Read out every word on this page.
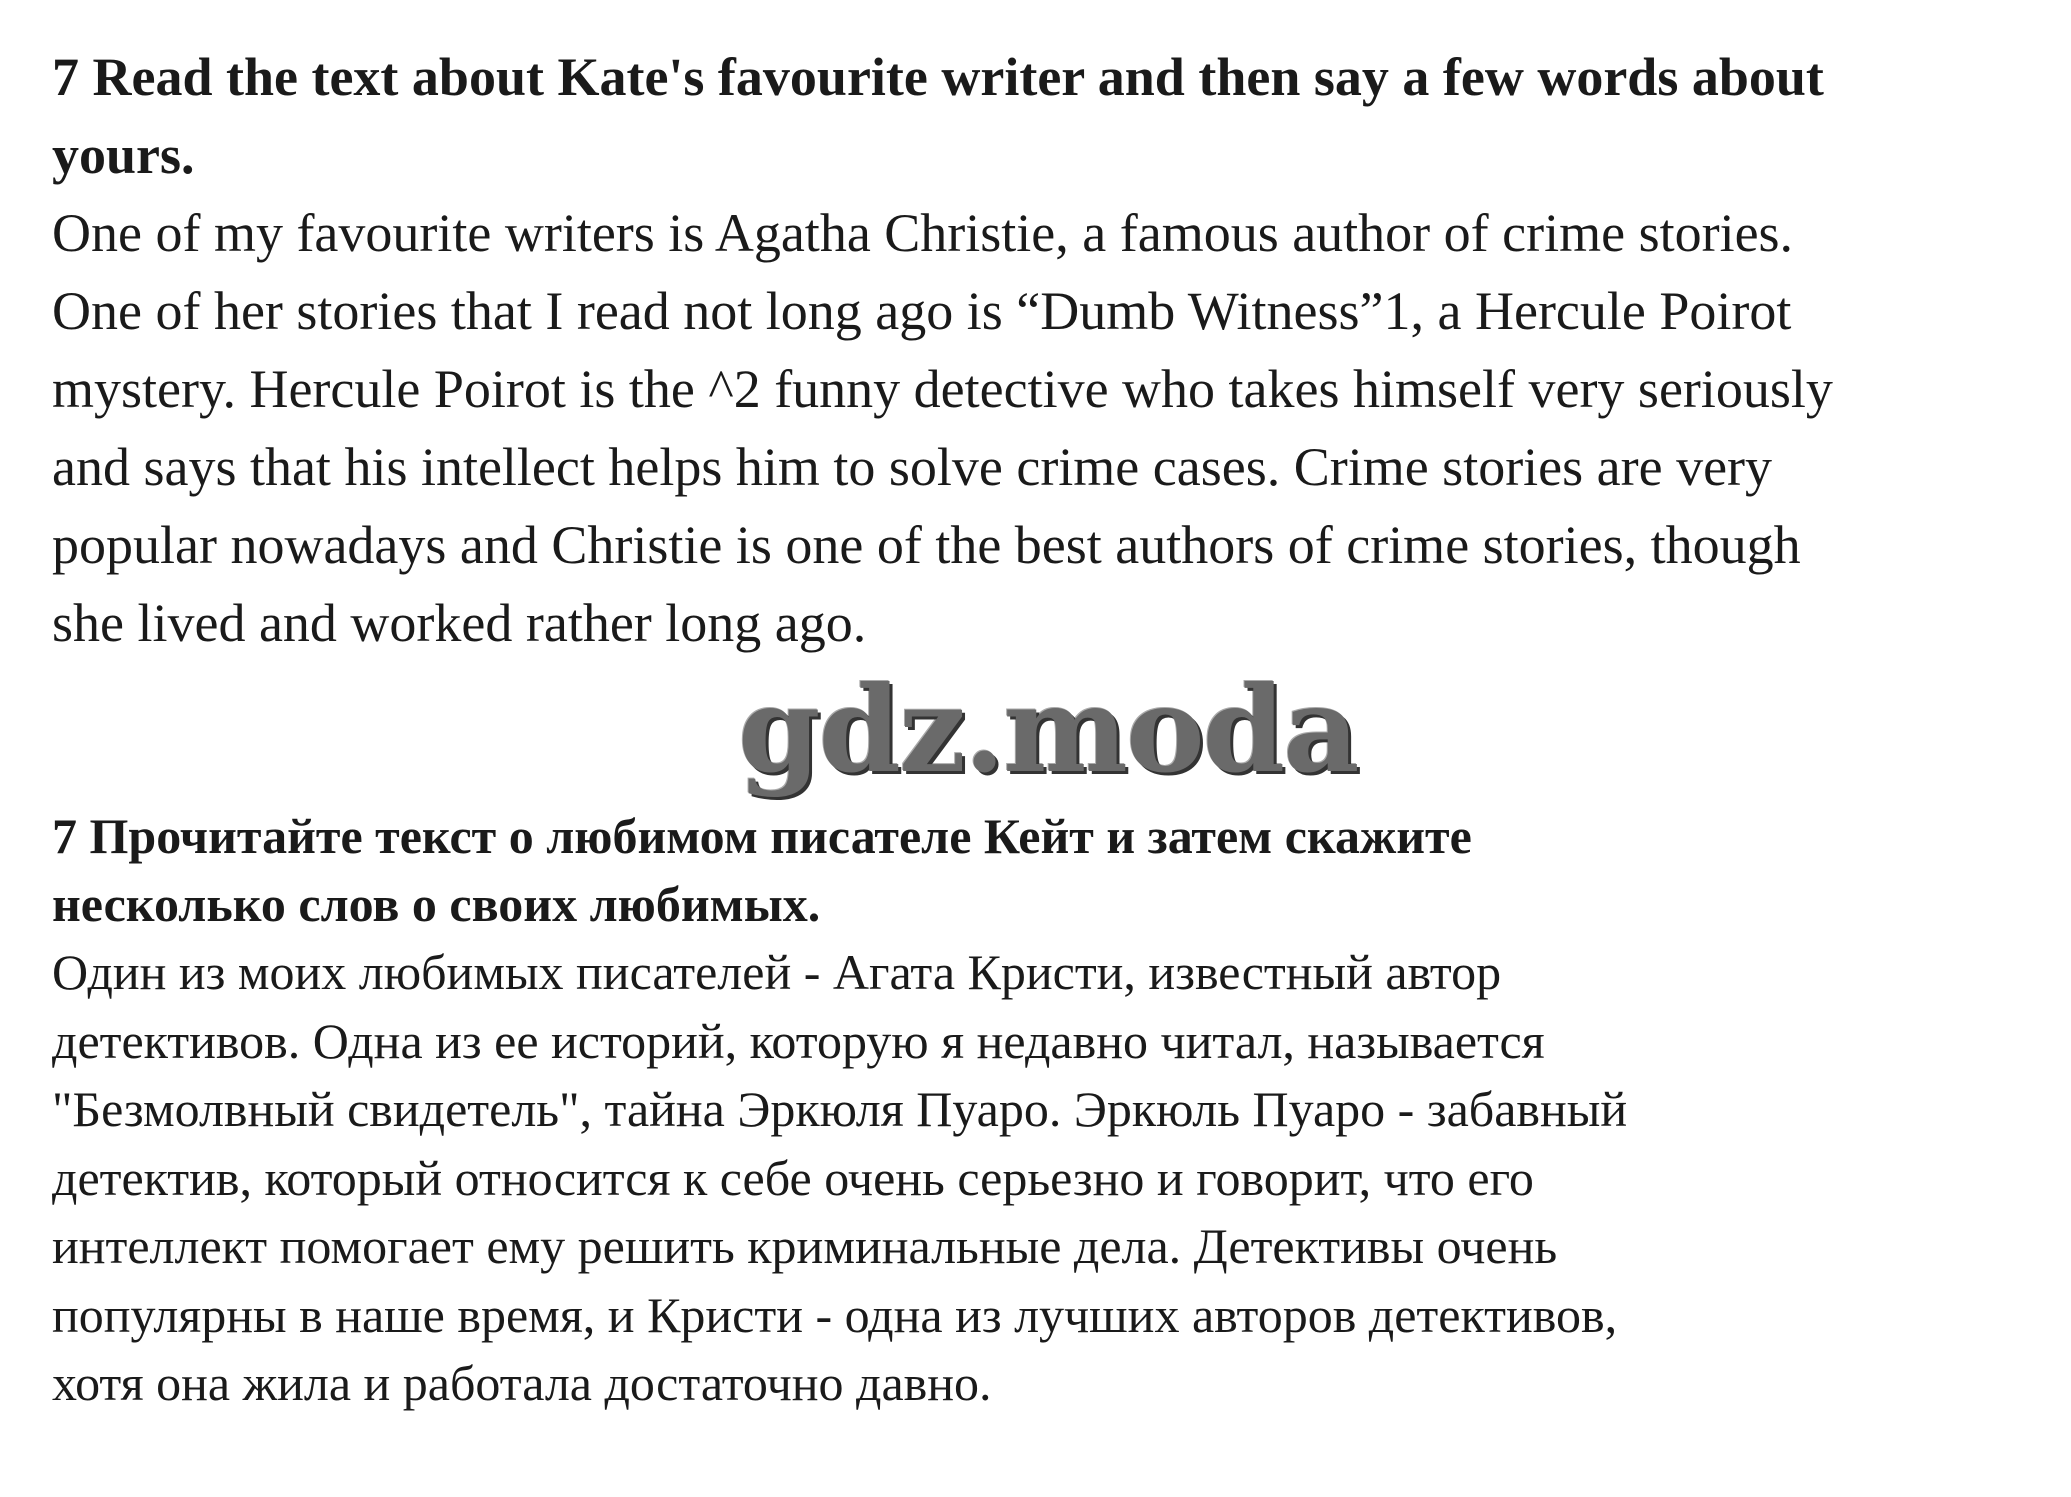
7 Read the text about Kate's favourite writer and then say a few words about
yours.

One of my favourite writers is Agatha Christie, a famous author of crime stories.
One of her stories that I read not long ago is “Dumb Witness”1, a Hercule Poirot
mystery. Hercule Poirot is the ^2 funny detective who takes himself very seriously
and says that his intellect helps him to solve crime cases. Crime stories are very
popular nowadays and Christie is one of the best authors of crime stories, though
she lived and worked rather long ago.

gdz.moda

7 Прочитайте текст о любимом писателе Кейт и затем скажите
несколько слов о своих любимых.

Один из моих любимых писателей - Агата Кристи, известный автор
детективов. Одна из ее историй, которую я недавно читал, называется
"Безмолвный свидетель", тайна Эркюля Пуаро. Эркюль Пуаро - забавный
детектив, который относится к себе очень серьезно и говорит, что его
интеллект помогает ему решить криминальные дела. Детективы очень
популярны в наше время, и Кристи - одна из лучших авторов детективов,
хотя она жила и работала достаточно давно.
